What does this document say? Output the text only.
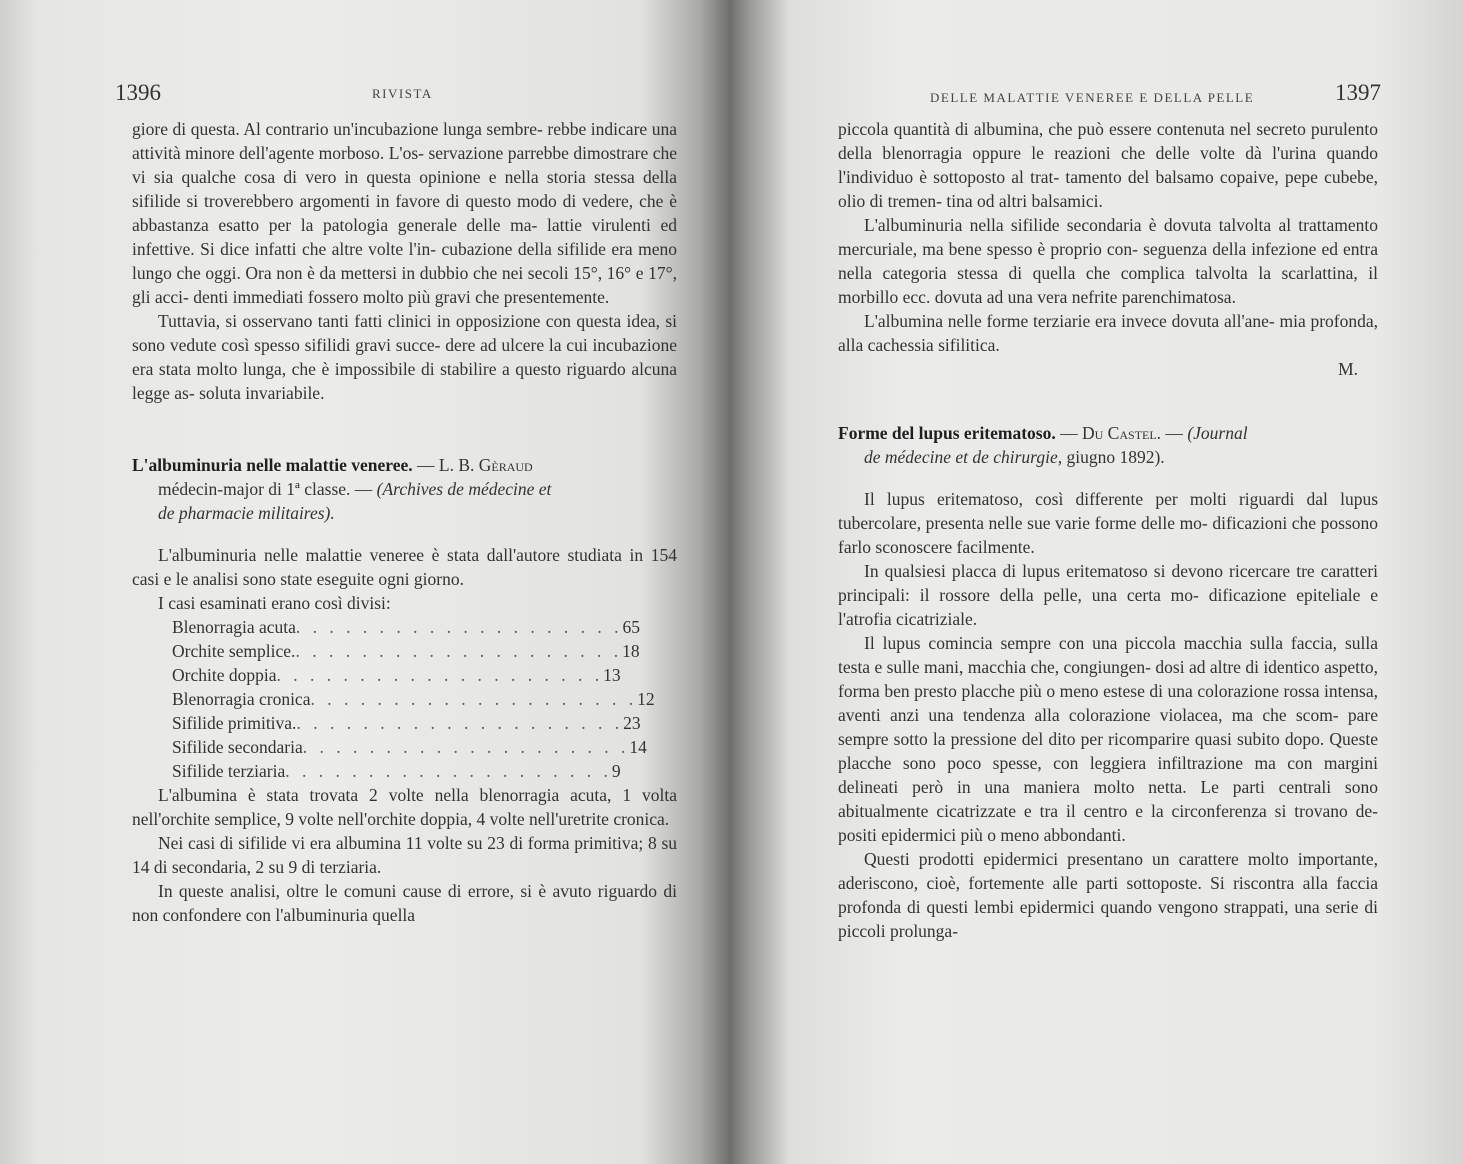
1396	RIVISTA

giore di questa. Al contrario un'incubazione lunga sembre- rebbe indicare una attività minore dell'agente morboso. L'os- servazione parrebbe dimostrare che vi sia qualche cosa di vero in questa opinione e nella storia stessa della sifilide si troverebbero argomenti in favore di questo modo di vedere, che è abbastanza esatto per la patologia generale delle ma- lattie virulenti ed infettive. Si dice infatti che altre volte l'in- cubazione della sifilide era meno lungo che oggi. Ora non è da mettersi in dubbio che nei secoli 15°, 16° e 17°, gli acci- denti immediati fossero molto più gravi che presentemente.

Tuttavia, si osservano tanti fatti clinici in opposizione con questa idea, si sono vedute così spesso sifilidi gravi succe- dere ad ulcere la cui incubazione era stata molto lunga, che è impossibile di stabilire a questo riguardo alcuna legge as- soluta invariabile.

L'albuminuria nelle malattie veneree. — L. B. Gèraud
médecin-major di 1ª classe. — (Archives de médecine et
de pharmacie militaires).

L'albuminuria nelle malattie veneree è stata dall'autore studiata in 154 casi e le analisi sono state eseguite ogni giorno.

I casi esaminati erano così divisi:

Blenorragia acuta . . . . . . . . . . . . . . . . . . . . 65
Orchite semplice. . . . . . . . . . . . . . . . . . . . . 18
Orchite doppia . . . . . . . . . . . . . . . . . . . . 13
Blenorragia cronica . . . . . . . . . . . . . . . . . . . . 12
Sifilide primitiva. . . . . . . . . . . . . . . . . . . . . 23
Sifilide secondaria . . . . . . . . . . . . . . . . . . . . 14
Sifilide terziaria . . . . . . . . . . . . . . . . . . . . 9

L'albumina è stata trovata 2 volte nella blenorragia acuta, 1 volta nell'orchite semplice, 9 volte nell'orchite doppia, 4 volte nell'uretrite cronica.

Nei casi di sifilide vi era albumina 11 volte su 23 di forma primitiva; 8 su 14 di secondaria, 2 su 9 di terziaria.

In queste analisi, oltre le comuni cause di errore, si è avuto riguardo di non confondere con l'albuminuria quella

DELLE MALATTIE VENEREE E DELLA PELLE	1397

piccola quantità di albumina, che può essere contenuta nel secreto purulento della blenorragia oppure le reazioni che delle volte dà l'urina quando l'individuo è sottoposto al trat- tamento del balsamo copaive, pepe cubebe, olio di tremen- tina od altri balsamici.

L'albuminuria nella sifilide secondaria è dovuta talvolta al trattamento mercuriale, ma bene spesso è proprio con- seguenza della infezione ed entra nella categoria stessa di quella che complica talvolta la scarlattina, il morbillo ecc. dovuta ad una vera nefrite parenchimatosa.

L'albumina nelle forme terziarie era invece dovuta all'ane- mia profonda, alla cachessia sifilitica.

M.

Forme del lupus eritematoso. — Du Castel. — (Journal
de médecine et de chirurgie, giugno 1892).

Il lupus eritematoso, così differente per molti riguardi dal lupus tubercolare, presenta nelle sue varie forme delle mo- dificazioni che possono farlo sconoscere facilmente.

In qualsiesi placca di lupus eritematoso si devono ricercare tre caratteri principali: il rossore della pelle, una certa mo- dificazione epiteliale e l'atrofia cicatriziale.

Il lupus comincia sempre con una piccola macchia sulla faccia, sulla testa e sulle mani, macchia che, congiungen- dosi ad altre di identico aspetto, forma ben presto placche più o meno estese di una colorazione rossa intensa, aventi anzi una tendenza alla colorazione violacea, ma che scom- pare sempre sotto la pressione del dito per ricomparire quasi subito dopo. Queste placche sono poco spesse, con leggiera infiltrazione ma con margini delineati però in una maniera molto netta. Le parti centrali sono abitualmente cicatrizzate e tra il centro e la circonferenza si trovano de- positi epidermici più o meno abbondanti.

Questi prodotti epidermici presentano un carattere molto importante, aderiscono, cioè, fortemente alle parti sottoposte. Si riscontra alla faccia profonda di questi lembi epidermici quando vengono strappati, una serie di piccoli prolunga-
